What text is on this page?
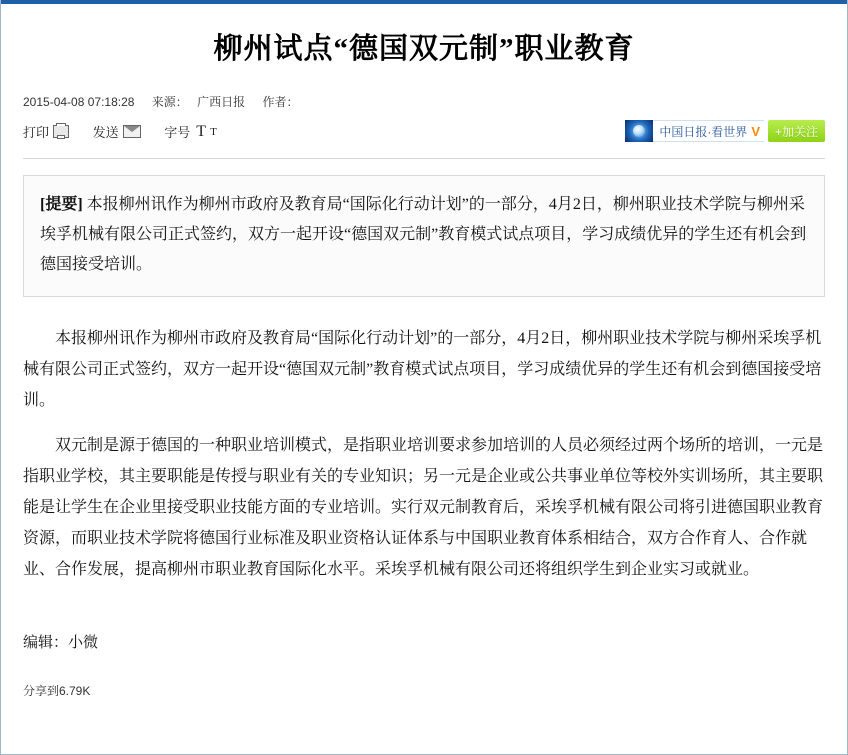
柳州试点“德国双元制”职业教育
2015-04-08 07:18:28 来源： 广西日报 作者：
打印
	发送
	字号 T T	中国日报·看世界 V	+加关注
[提要] 本报柳州讯作为柳州市政府及教育局“国际化行动计划”的一部分，4月2日，柳州职业技术学院与柳州采埃孚机械有限公司正式签约，双方一起开设“德国双元制”教育模式试点项目，学习成绩优异的学生还有机会到德国接受培训。

本报柳州讯作为柳州市政府及教育局“国际化行动计划”的一部分，4月2日，柳州职业技术学院与柳州采埃孚机械有限公司正式签约，双方一起开设“德国双元制”教育模式试点项目，学习成绩优异的学生还有机会到德国接受培训。

双元制是源于德国的一种职业培训模式，是指职业培训要求参加培训的人员必须经过两个场所的培训，一元是指职业学校，其主要职能是传授与职业有关的专业知识；另一元是企业或公共事业单位等校外实训场所，其主要职能是让学生在企业里接受职业技能方面的专业培训。实行双元制教育后，采埃孚机械有限公司将引进德国职业教育资源，而职业技术学院将德国行业标准及职业资格认证体系与中国职业教育体系相结合，双方合作育人、合作就业、合作发展，提高柳州市职业教育国际化水平。采埃孚机械有限公司还将组织学生到企业实习或就业。

编辑：小微
分享到6.79K
